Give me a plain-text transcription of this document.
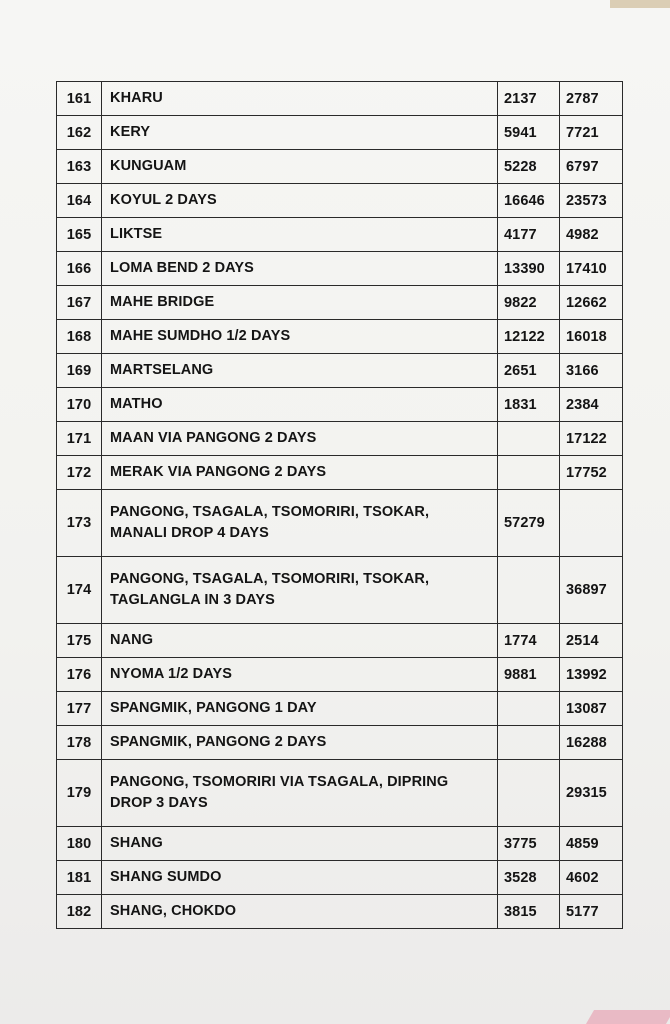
161	KHARU	2137	2787
162	KERY	5941	7721
163	KUNGUAM	5228	6797
164	KOYUL 2 DAYS	16646	23573
165	LIKTSE	4177	4982
166	LOMA BEND 2 DAYS	13390	17410
167	MAHE BRIDGE	9822	12662
168	MAHE SUMDHO 1/2 DAYS	12122	16018
169	MARTSELANG	2651	3166
170	MATHO	1831	2384
171	MAAN VIA PANGONG 2 DAYS		17122
172	MERAK VIA PANGONG 2 DAYS		17752
173	PANGONG, TSAGALA, TSOMORIRI, TSOKAR,
MANALI DROP 4 DAYS	57279	
174	PANGONG, TSAGALA, TSOMORIRI, TSOKAR,
TAGLANGLA IN 3 DAYS		36897
175	NANG	1774	2514
176	NYOMA 1/2 DAYS	9881	13992
177	SPANGMIK, PANGONG 1 DAY		13087
178	SPANGMIK, PANGONG 2 DAYS		16288
179	PANGONG, TSOMORIRI VIA TSAGALA, DIPRING
DROP 3 DAYS		29315
180	SHANG	3775	4859
181	SHANG SUMDO	3528	4602
182	SHANG, CHOKDO	3815	5177
